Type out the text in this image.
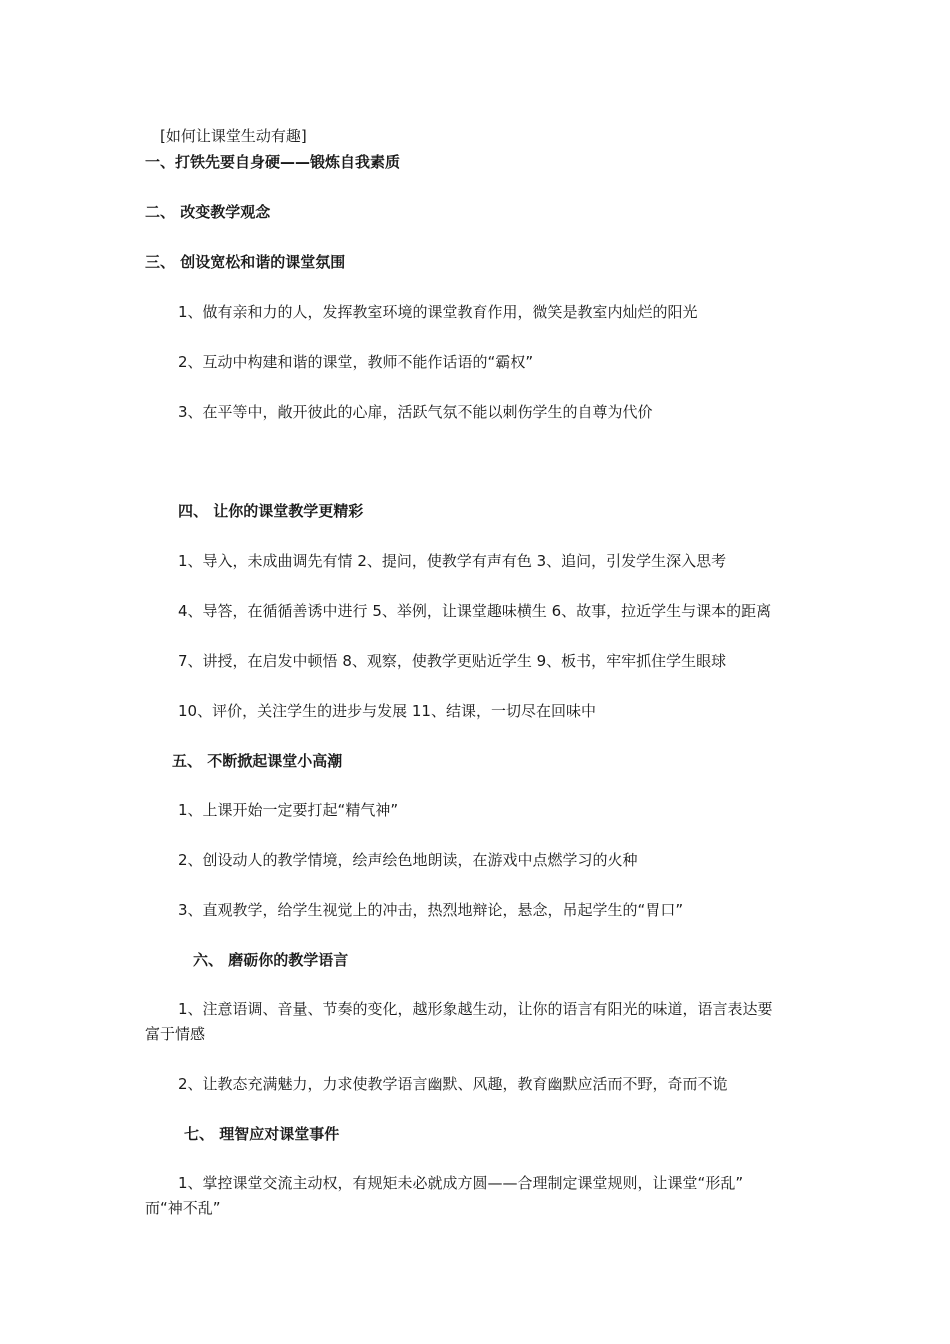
[如何让课堂生动有趣]
一、打铁先要自身硬——锻炼自我素质
二、 改变教学观念
三、 创设宽松和谐的课堂氛围
1、做有亲和力的人，发挥教室环境的课堂教育作用，微笑是教室内灿烂的阳光
2、互动中构建和谐的课堂，教师不能作话语的“霸权”
3、在平等中，敞开彼此的心扉，活跃气氛不能以刺伤学生的自尊为代价
四、 让你的课堂教学更精彩
1、导入，未成曲调先有情 2、提问，使教学有声有色 3、追问，引发学生深入思考
4、导答，在循循善诱中进行 5、举例，让课堂趣味横生 6、故事，拉近学生与课本的距离
7、讲授，在启发中顿悟 8、观察，使教学更贴近学生 9、板书，牢牢抓住学生眼球
10、评价，关注学生的进步与发展 11、结课，一切尽在回味中
五、 不断掀起课堂小高潮
1、上课开始一定要打起“精气神”
2、创设动人的教学情境，绘声绘色地朗读，在游戏中点燃学习的火种
3、直观教学，给学生视觉上的冲击，热烈地辩论，悬念，吊起学生的“胃口”
六、 磨砺你的教学语言
1、注意语调、音量、节奏的变化，越形象越生动，让你的语言有阳光的味道，语言表达要
富于情感
2、让教态充满魅力，力求使教学语言幽默、风趣，教育幽默应活而不野，奇而不诡
七、 理智应对课堂事件
1、掌控课堂交流主动权，有规矩未必就成方圆——合理制定课堂规则，让课堂“形乱”
而“神不乱”
